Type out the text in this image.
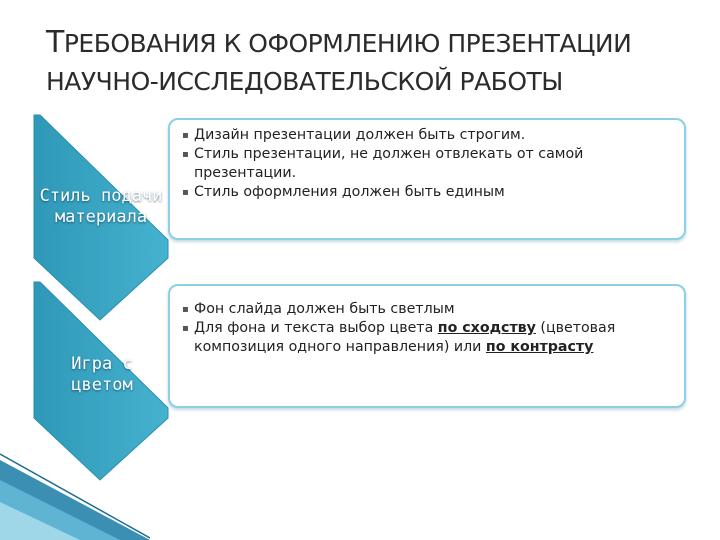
ТРЕБОВАНИЯ К ОФОРМЛЕНИЮ ПРЕЗЕНТАЦИИ
НАУЧНО-ИССЛЕДОВАТЕЛЬСКОЙ РАБОТЫ
Стиль подачи
материала
Игра с
цветом
▪ Дизайн презентации должен быть строгим.
▪ Стиль презентации, не должен отвлекать от самой презентации.
▪ Стиль оформления должен быть единым
▪ Фон слайда должен быть светлым
▪ Для фона и текста выбор цвета по сходству (цветовая композиция одного направления) или по контрасту
